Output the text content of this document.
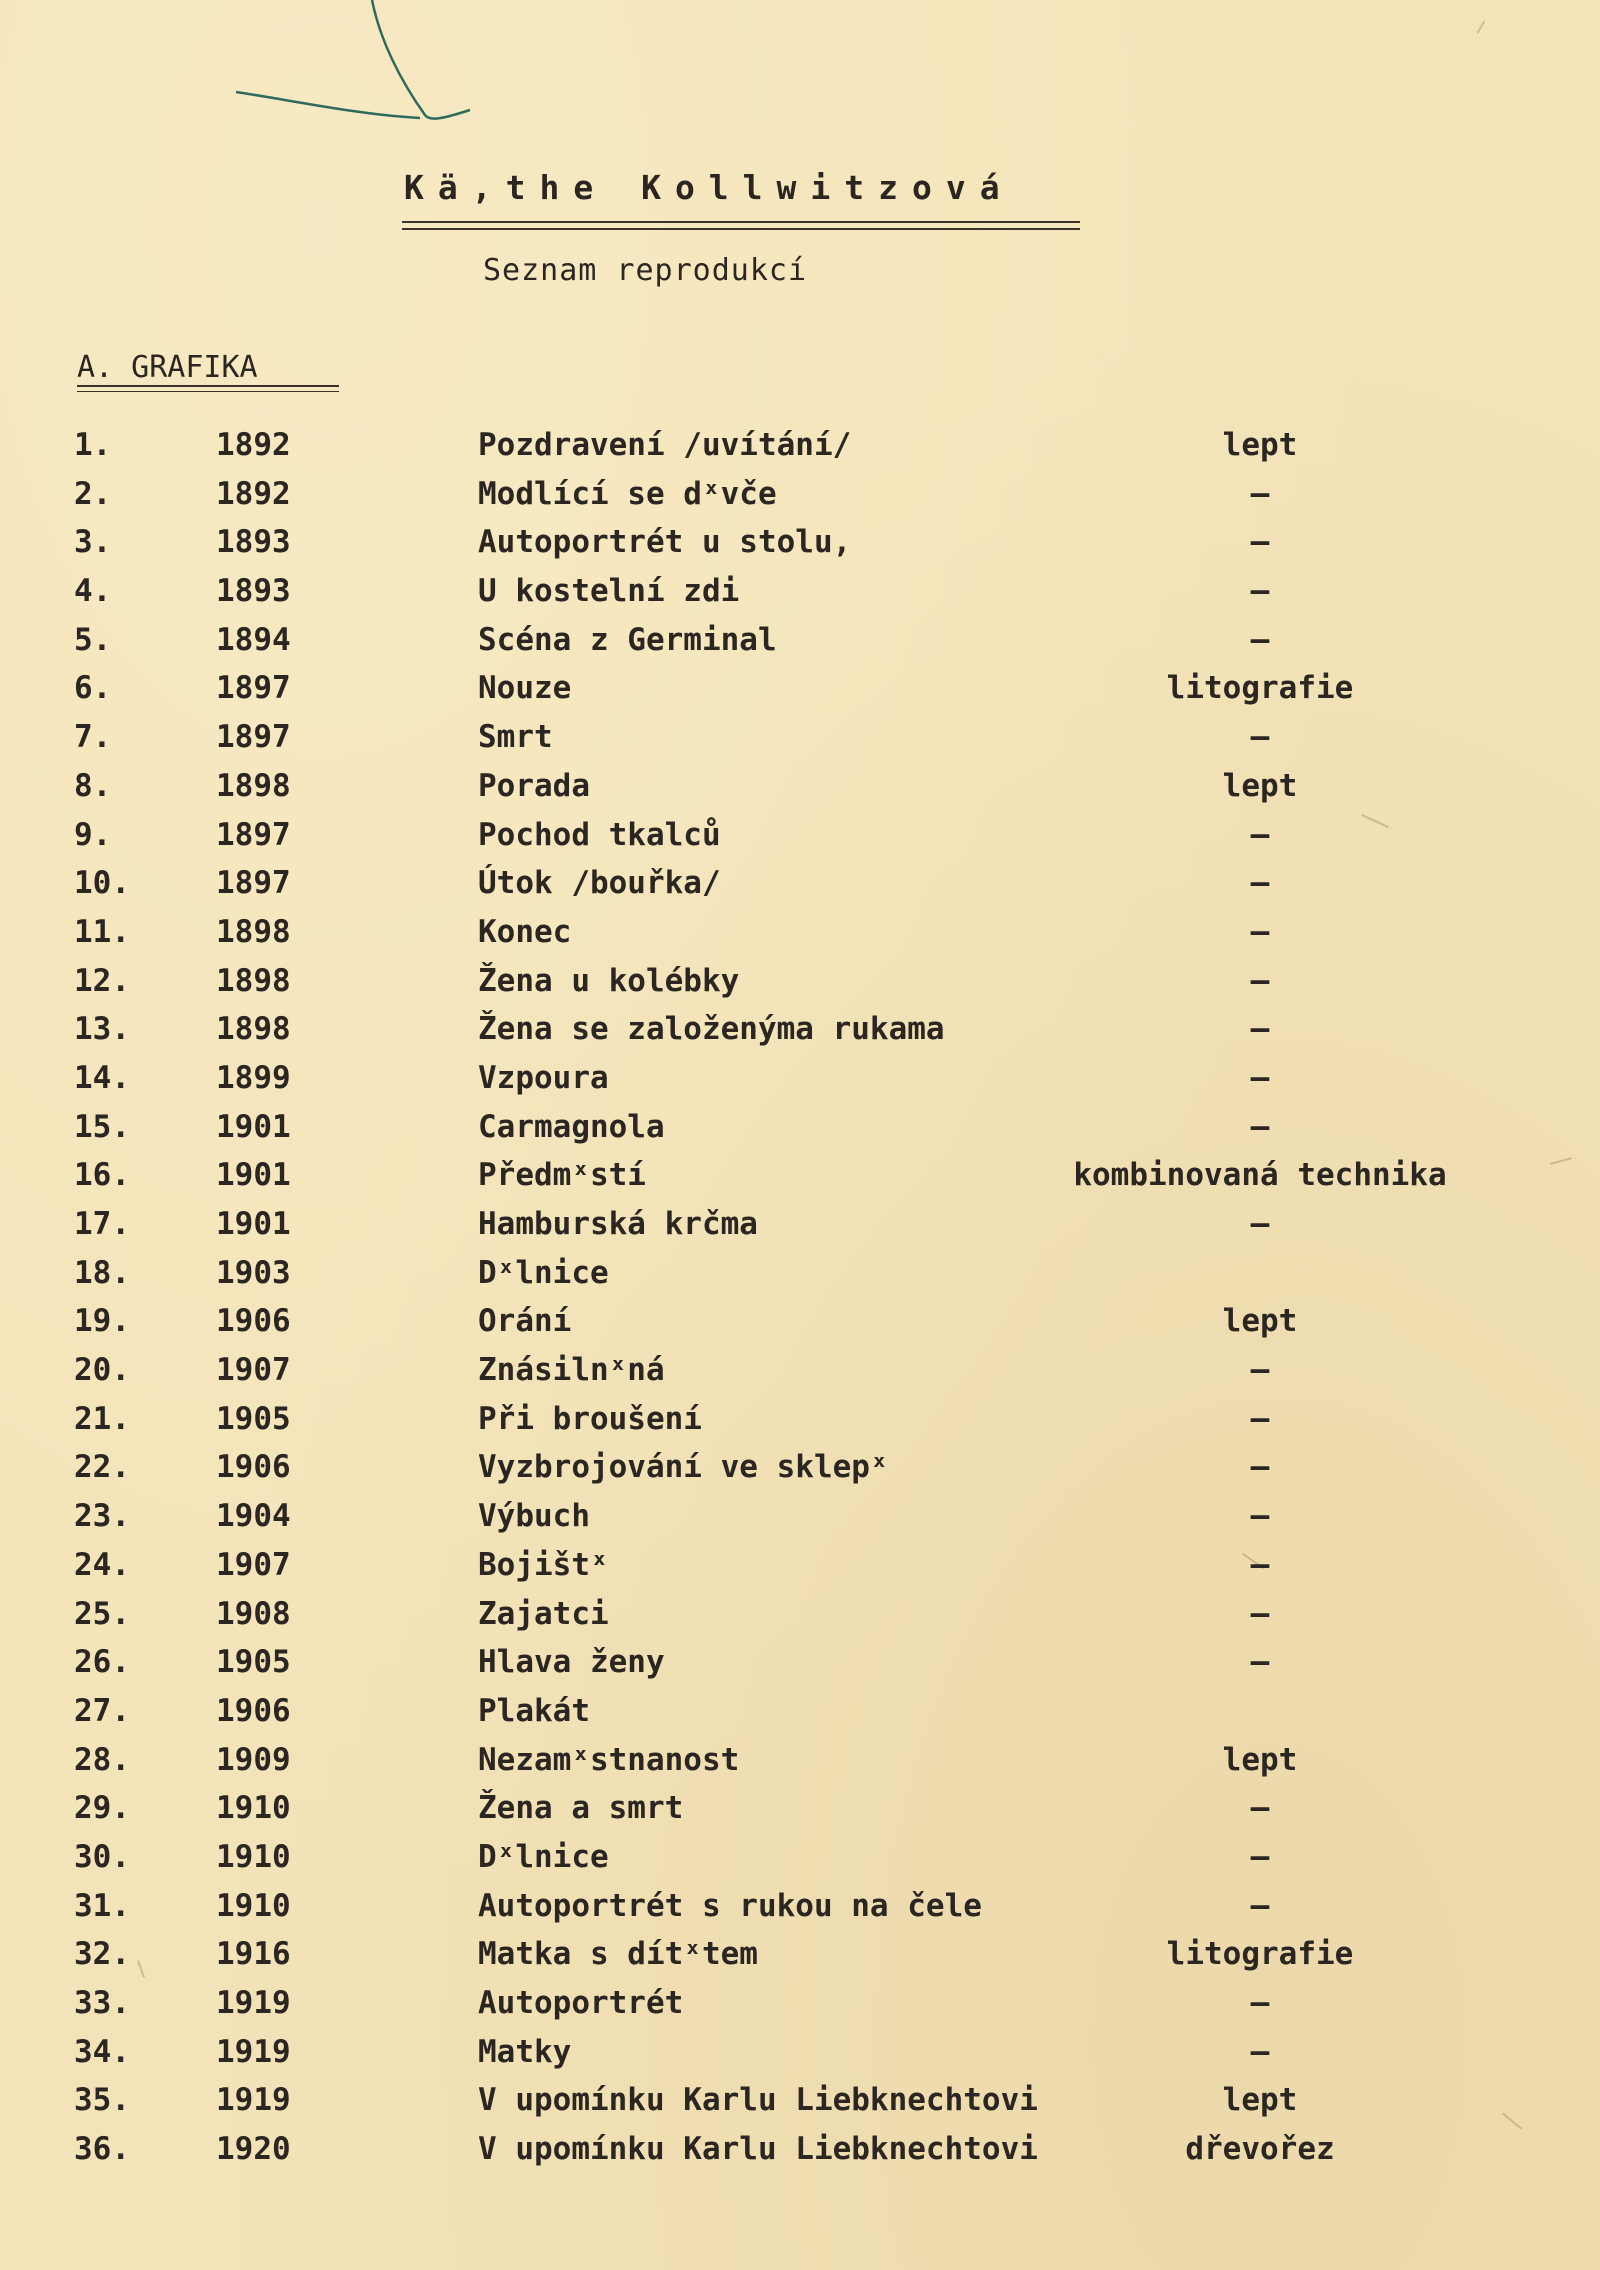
Kä,the Kollwitzová
Seznam reprodukcí
A. GRAFIKA
1.	1892	Pozdravení /uvítání/	lept
2.	1892	Modlící se dˣvče	–
3.	1893	Autoportrét u stolu,	–
4.	1893	U kostelní zdi	–
5.	1894	Scéna z Germinal	–
6.	1897	Nouze	litografie
7.	1897	Smrt	–
8.	1898	Porada	lept
9.	1897	Pochod tkalců	–
10.	1897	Útok /bouřka/	–
11.	1898	Konec	–
12.	1898	Žena u kolébky	–
13.	1898	Žena se založenýma rukama	–
14.	1899	Vzpoura	–
15.	1901	Carmagnola	–
16.	1901	Předmˣstí	kombinovaná technika
17.	1901	Hamburská krčma	–
18.	1903	Dˣlnice
19.	1906	Orání	lept
20.	1907	Znásilnˣná	–
21.	1905	Při broušení	–
22.	1906	Vyzbrojování ve sklepˣ	–
23.	1904	Výbuch	–
24.	1907	Bojištˣ	–
25.	1908	Zajatci	–
26.	1905	Hlava ženy	–
27.	1906	Plakát
28.	1909	Nezamˣstnanost	lept
29.	1910	Žena a smrt	–
30.	1910	Dˣlnice	–
31.	1910	Autoportrét s rukou na čele	–
32.	1916	Matka s dítˣtem	litografie
33.	1919	Autoportrét	–
34.	1919	Matky	–
35.	1919	V upomínku Karlu Liebknechtovi	lept
36.	1920	V upomínku Karlu Liebknechtovi	dřevořez
